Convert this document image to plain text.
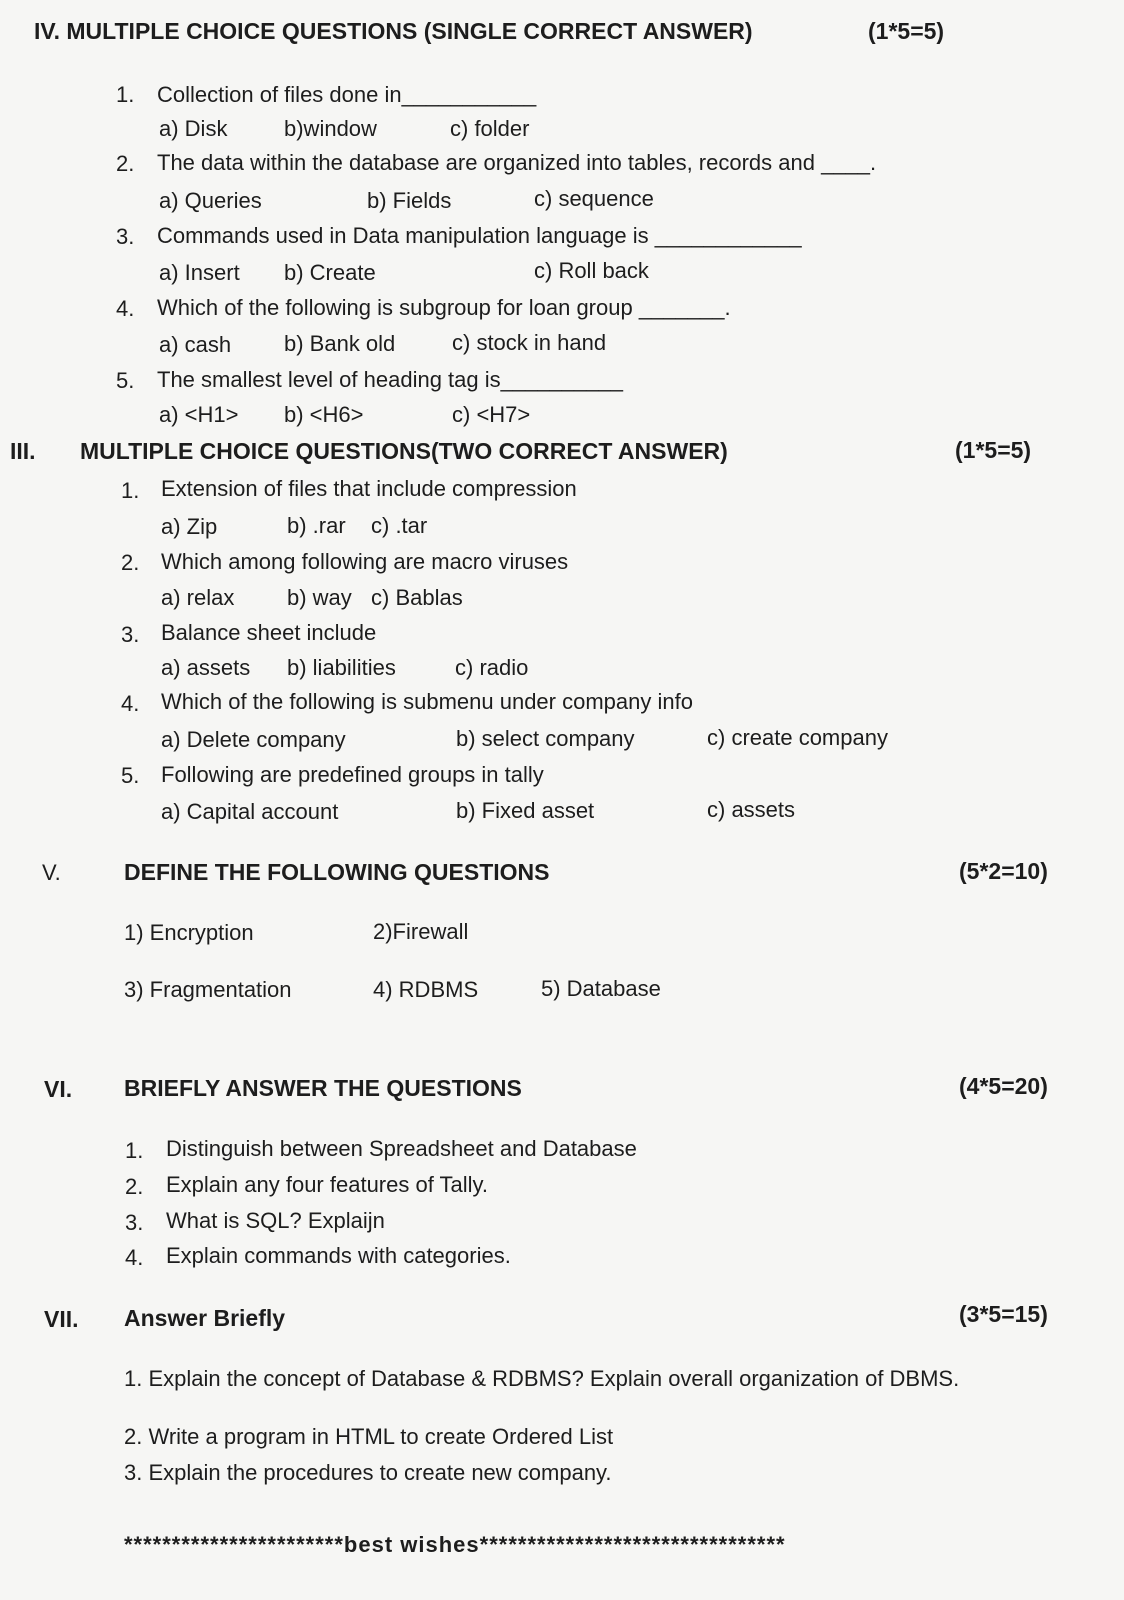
IV. MULTIPLE CHOICE QUESTIONS (SINGLE CORRECT ANSWER)	(1*5=5)
1. Collection of files done in___________
a) Disk	b)window	c) folder
2. The data within the database are organized into tables, records and ____.
a) Queries	b) Fields	c) sequence
3. Commands used in Data manipulation language is ____________
a) Insert b) Create	c) Roll back
4. Which of the following is subgroup for loan group _______.
a) cash b) Bank old	c) stock in hand
5. The smallest level of heading tag is__________
a) <H1> b) <H6>	c) <H7>
III. MULTIPLE CHOICE QUESTIONS(TWO CORRECT ANSWER)	(1*5=5)
1. Extension of files that include compression
a) Zip	b) .rar c) .tar
2. Which among following are macro viruses
a) relax b) way c) Bablas
3. Balance sheet include
a) assets b) liabilities	c) radio
4. Which of the following is submenu under company info
a) Delete company	b) select company	c) create company
5. Following are predefined groups in tally
a) Capital account	b) Fixed asset	c) assets
V.	DEFINE THE FOLLOWING QUESTIONS	(5*2=10)
1) Encryption	2)Firewall
3) Fragmentation	4) RDBMS	5) Database
VI. BRIEFLY ANSWER THE QUESTIONS	(4*5=20)
1. Distinguish between Spreadsheet and Database
2. Explain any four features of Tally.
3. What is SQL? Explaijn
4. Explain commands with categories.
VII. Answer Briefly	(3*5=15)
1. Explain the concept of Database & RDBMS? Explain overall organization of DBMS.
2. Write a program in HTML to create Ordered List
3. Explain the procedures to create new company.
***********************best wishes********************************
